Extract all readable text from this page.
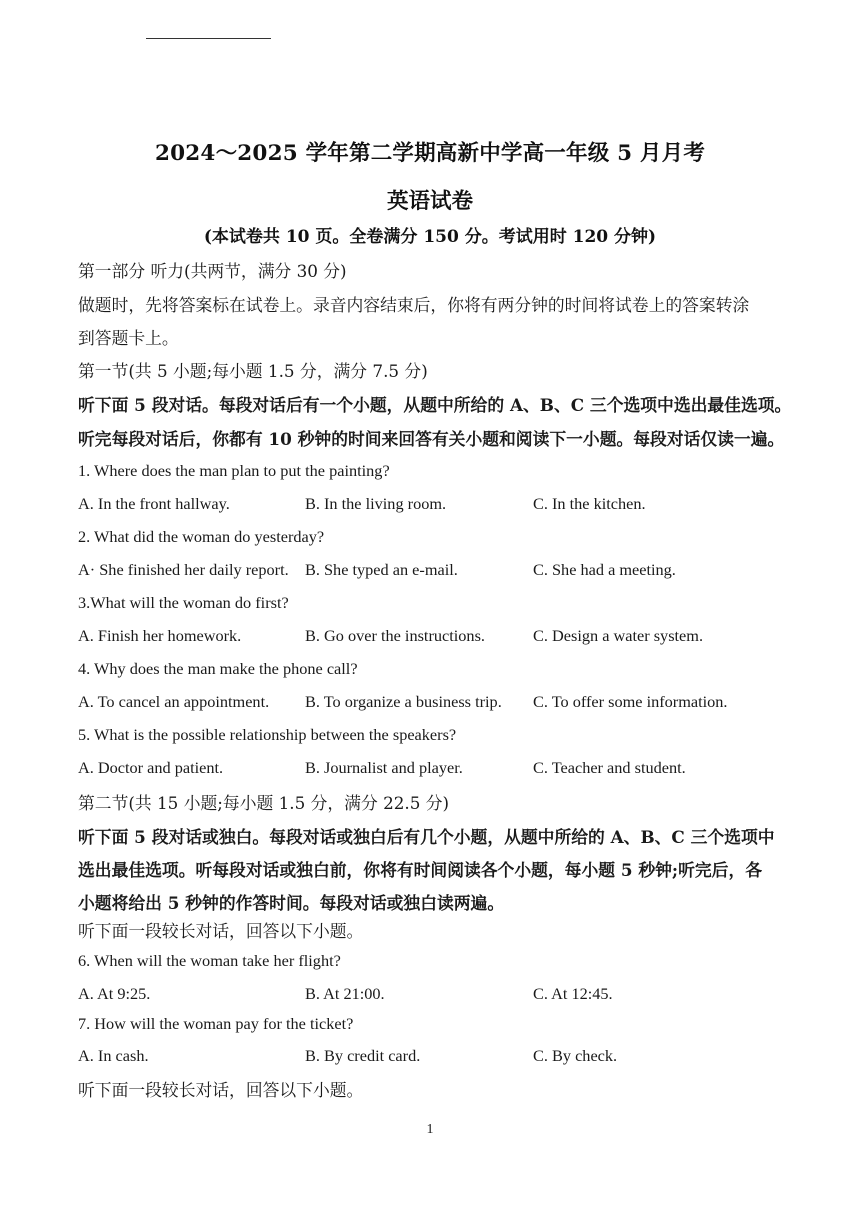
2024～2025 学年第二学期高新中学高一年级 5 月月考
英语试卷
(本试卷共 10 页。全卷满分 150 分。考试用时 120 分钟)
第一部分 听力(共两节，满分 30 分)
做题时，先将答案标在试卷上。录音内容结束后，你将有两分钟的时间将试卷上的答案转涂
到答题卡上。
第一节(共 5 小题;每小题 1.5 分，满分 7.5 分)
听下面 5 段对话。每段对话后有一个小题，从题中所给的 A、B、C 三个选项中选出最佳选项。
听完每段对话后，你都有 10 秒钟的时间来回答有关小题和阅读下一小题。每段对话仅读一遍。
1. Where does the man plan to put the painting?
A. In the front hallway.	B. In the living room.	C. In the kitchen.
2. What did the woman do yesterday?
A· She finished her daily report. B. She typed an e-mail.	C. She had a meeting.
3.What will the woman do first?
A. Finish her homework.	B. Go over the instructions.	C. Design a water system.
4. Why does the man make the phone call?
A. To cancel an appointment. B. To organize a business trip. C. To offer some information.
5. What is the possible relationship between the speakers?
A. Doctor and patient.	B. Journalist and player.	C. Teacher and student.
第二节(共 15 小题;每小题 1.5 分，满分 22.5 分)
听下面 5 段对话或独白。每段对话或独白后有几个小题，从题中所给的 A、B、C 三个选项中
选出最佳选项。听每段对话或独白前，你将有时间阅读各个小题，每小题 5 秒钟;听完后，各
小题将给出 5 秒钟的作答时间。每段对话或独白读两遍。
听下面一段较长对话，回答以下小题。
6. When will the woman take her flight?
A. At 9:25.	B. At 21:00.	C. At 12:45.
7. How will the woman pay for the ticket?
A. In cash.	B. By credit card.	C. By check.
听下面一段较长对话，回答以下小题。
1
